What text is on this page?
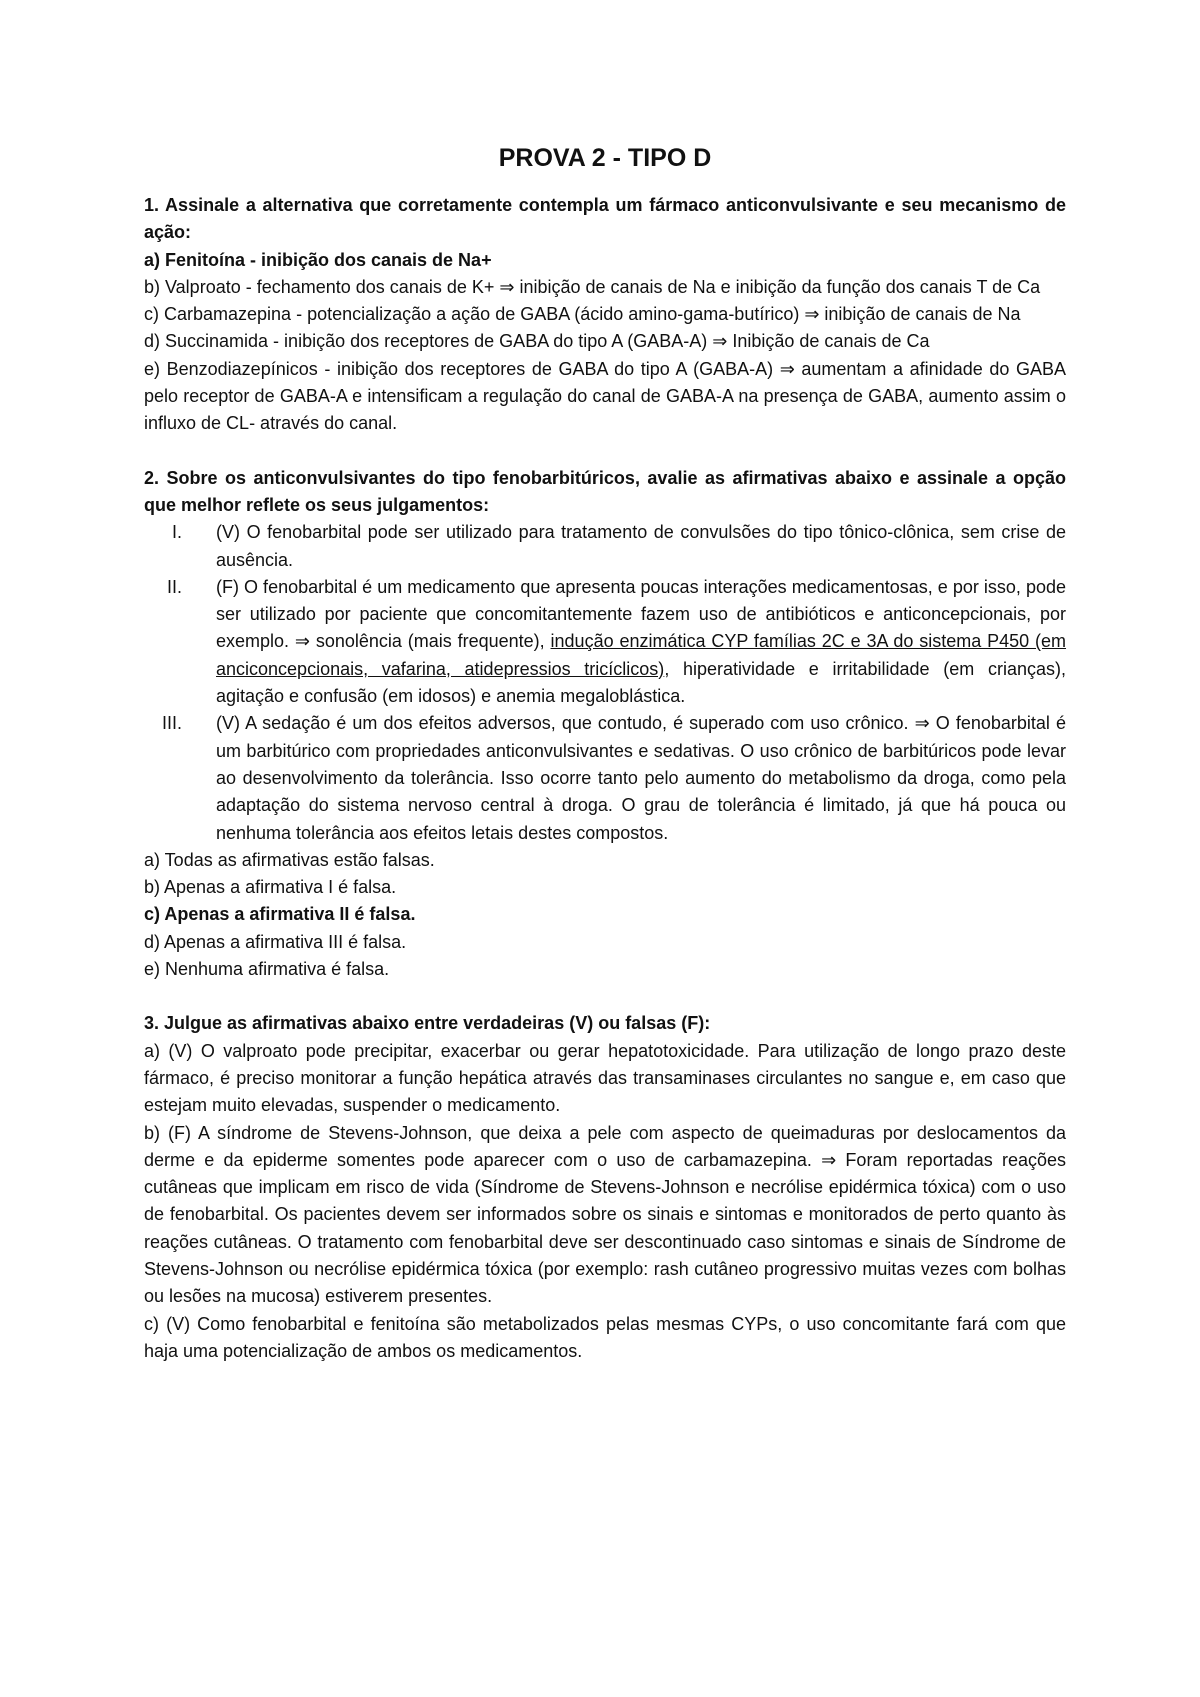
PROVA 2 - TIPO D

1. Assinale a alternativa que corretamente contempla um fármaco anticonvulsivante e seu mecanismo de ação:

a) Fenitoína - inibição dos canais de Na+

b) Valproato - fechamento dos canais de K+ ⇒ inibição de canais de Na e inibição da função dos canais T de Ca

c) Carbamazepina - potencialização a ação de GABA (ácido amino-gama-butírico) ⇒ inibição de canais de Na

d) Succinamida - inibição dos receptores de GABA do tipo A (GABA-A) ⇒ Inibição de canais de Ca

e) Benzodiazepínicos - inibição dos receptores de GABA do tipo A (GABA-A) ⇒ aumentam a afinidade do GABA pelo receptor de GABA-A e intensificam a regulação do canal de GABA-A na presença de GABA, aumento assim o influxo de CL- através do canal.

2. Sobre os anticonvulsivantes do tipo fenobarbitúricos, avalie as afirmativas abaixo e assinale a opção que melhor reflete os seus julgamentos:

I. (V) O fenobarbital pode ser utilizado para tratamento de convulsões do tipo tônico-clônica, sem crise de ausência.
II. (F) O fenobarbital é um medicamento que apresenta poucas interações medicamentosas, e por isso, pode ser utilizado por paciente que concomitantemente fazem uso de antibióticos e anticoncepcionais, por exemplo. ⇒ sonolência (mais frequente), indução enzimática CYP famílias 2C e 3A do sistema P450 (em anciconcepcionais, vafarina, atidepressios tricíclicos), hiperatividade e irritabilidade (em crianças), agitação e confusão (em idosos) e anemia megaloblástica.
III. (V) A sedação é um dos efeitos adversos, que contudo, é superado com uso crônico. ⇒ O fenobarbital é um barbitúrico com propriedades anticonvulsivantes e sedativas. O uso crônico de barbitúricos pode levar ao desenvolvimento da tolerância. Isso ocorre tanto pelo aumento do metabolismo da droga, como pela adaptação do sistema nervoso central à droga. O grau de tolerância é limitado, já que há pouca ou nenhuma tolerância aos efeitos letais destes compostos.

a) Todas as afirmativas estão falsas.

b) Apenas a afirmativa I é falsa.

c) Apenas a afirmativa II é falsa.

d) Apenas a afirmativa III é falsa.

e) Nenhuma afirmativa é falsa.

3. Julgue as afirmativas abaixo entre verdadeiras (V) ou falsas (F):

a) (V) O valproato pode precipitar, exacerbar ou gerar hepatotoxicidade. Para utilização de longo prazo deste fármaco, é preciso monitorar a função hepática através das transaminases circulantes no sangue e, em caso que estejam muito elevadas, suspender o medicamento.

b) (F) A síndrome de Stevens-Johnson, que deixa a pele com aspecto de queimaduras por deslocamentos da derme e da epiderme somentes pode aparecer com o uso de carbamazepina. ⇒ Foram reportadas reações cutâneas que implicam em risco de vida (Síndrome de Stevens-Johnson e necrólise epidérmica tóxica) com o uso de fenobarbital. Os pacientes devem ser informados sobre os sinais e sintomas e monitorados de perto quanto às reações cutâneas. O tratamento com fenobarbital deve ser descontinuado caso sintomas e sinais de Síndrome de Stevens-Johnson ou necrólise epidérmica tóxica (por exemplo: rash cutâneo progressivo muitas vezes com bolhas ou lesões na mucosa) estiverem presentes.

c) (V) Como fenobarbital e fenitoína são metabolizados pelas mesmas CYPs, o uso concomitante fará com que haja uma potencialização de ambos os medicamentos.
